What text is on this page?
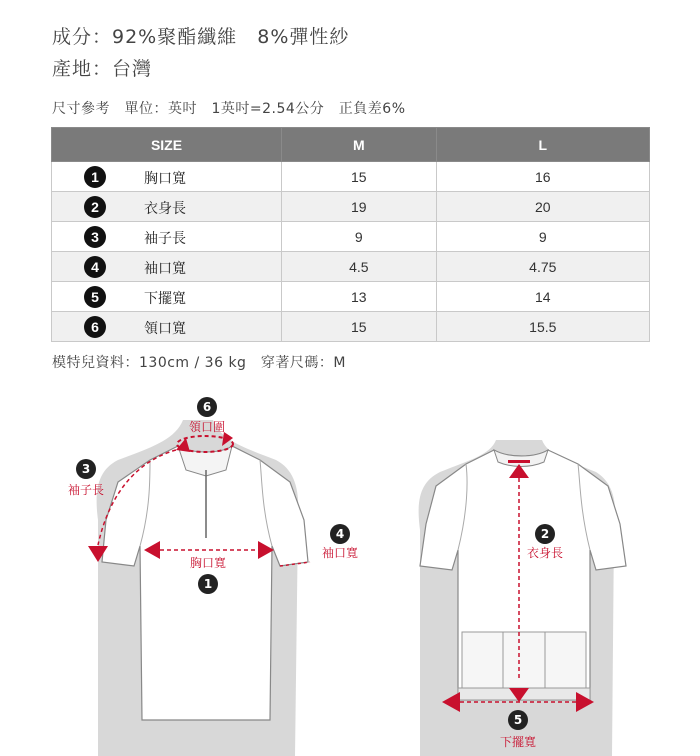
成分：92%聚酯纖維　8%彈性紗
產地：台灣
尺寸參考　單位：英吋　1英吋=2.54公分　正負差6%
SIZE	M	L

1 胸口寬	15	16

2 衣身長	19	20

3 袖子長	9	9

4 袖口寬	4.5	4.75

5 下擺寬	13	14

6 領口寬	15	15.5
模特兒資料：130cm / 36 kg　穿著尺碼：M
6
領口圍
3
袖子長
胸口寬
1
4
袖口寬
2
衣身長
5
下擺寬
